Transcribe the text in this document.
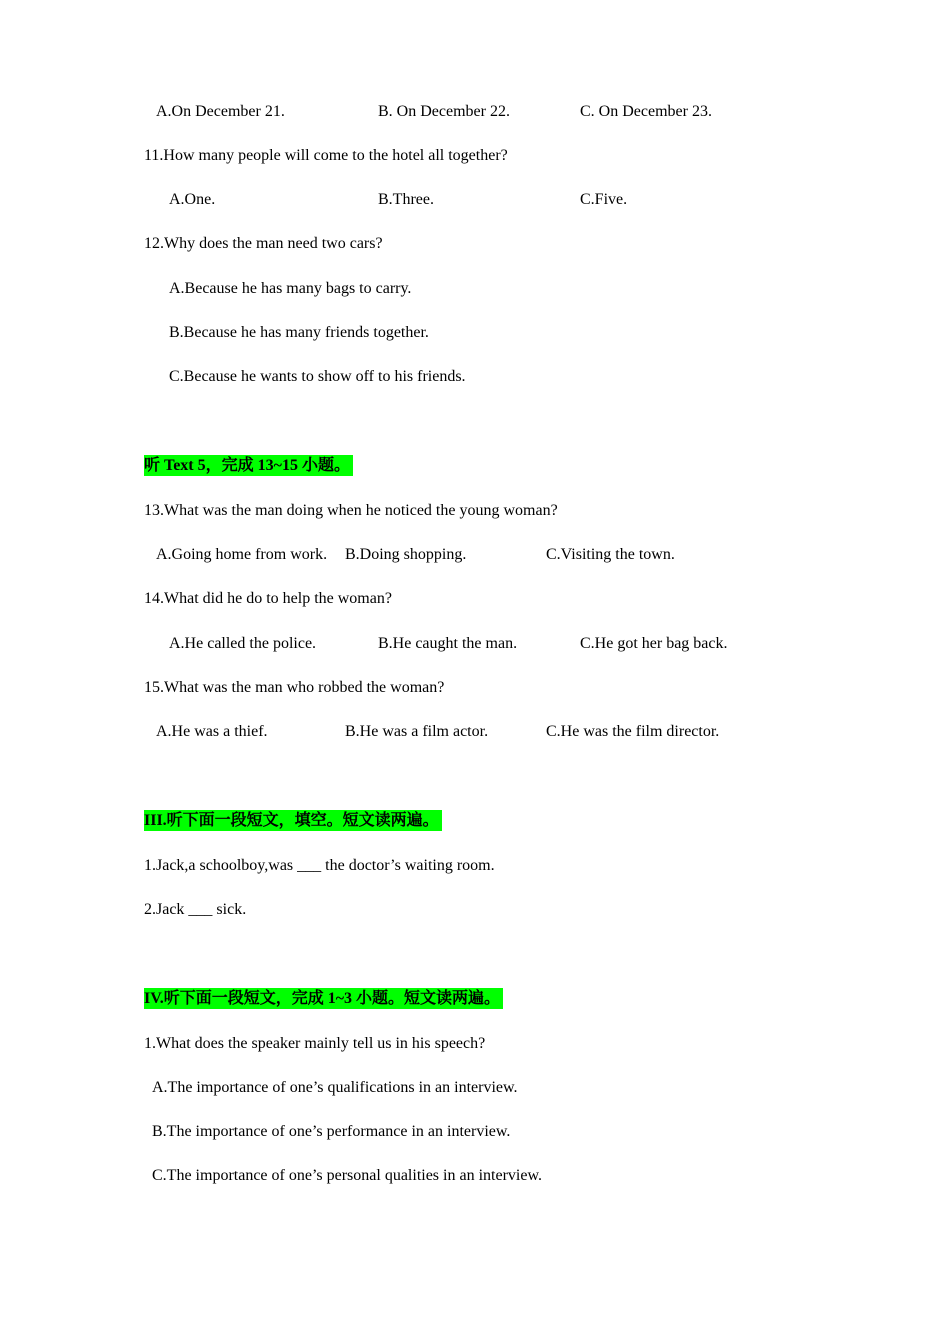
A.On December 21.	B. On December 22.	C. On December 23.
11.How many people will come to the hotel all together?
A.One.	B.Three.	C.Five.
12.Why does the man need two cars?
A.Because he has many bags to carry.
B.Because he has many friends together.
C.Because he wants to show off to his friends.
听 Text 5，完成 13~15 小题。
13.What was the man doing when he noticed the young woman?
A.Going home from work. B.Doing shopping.	C.Visiting the town.
14.What did he do to help the woman?
A.He called the police.	B.He caught the man.	C.He got her bag back.
15.What was the man who robbed the woman?
A.He was a thief.	B.He was a film actor.	C.He was the film director.
III.听下面一段短文，填空。短文读两遍。
1.Jack,a schoolboy,was ___ the doctor’s waiting room.
2.Jack ___ sick.
IV.听下面一段短文，完成 1~3 小题。短文读两遍。
1.What does the speaker mainly tell us in his speech?
A.The importance of one’s qualifications in an interview.
B.The importance of one’s performance in an interview.
C.The importance of one’s personal qualities in an interview.
